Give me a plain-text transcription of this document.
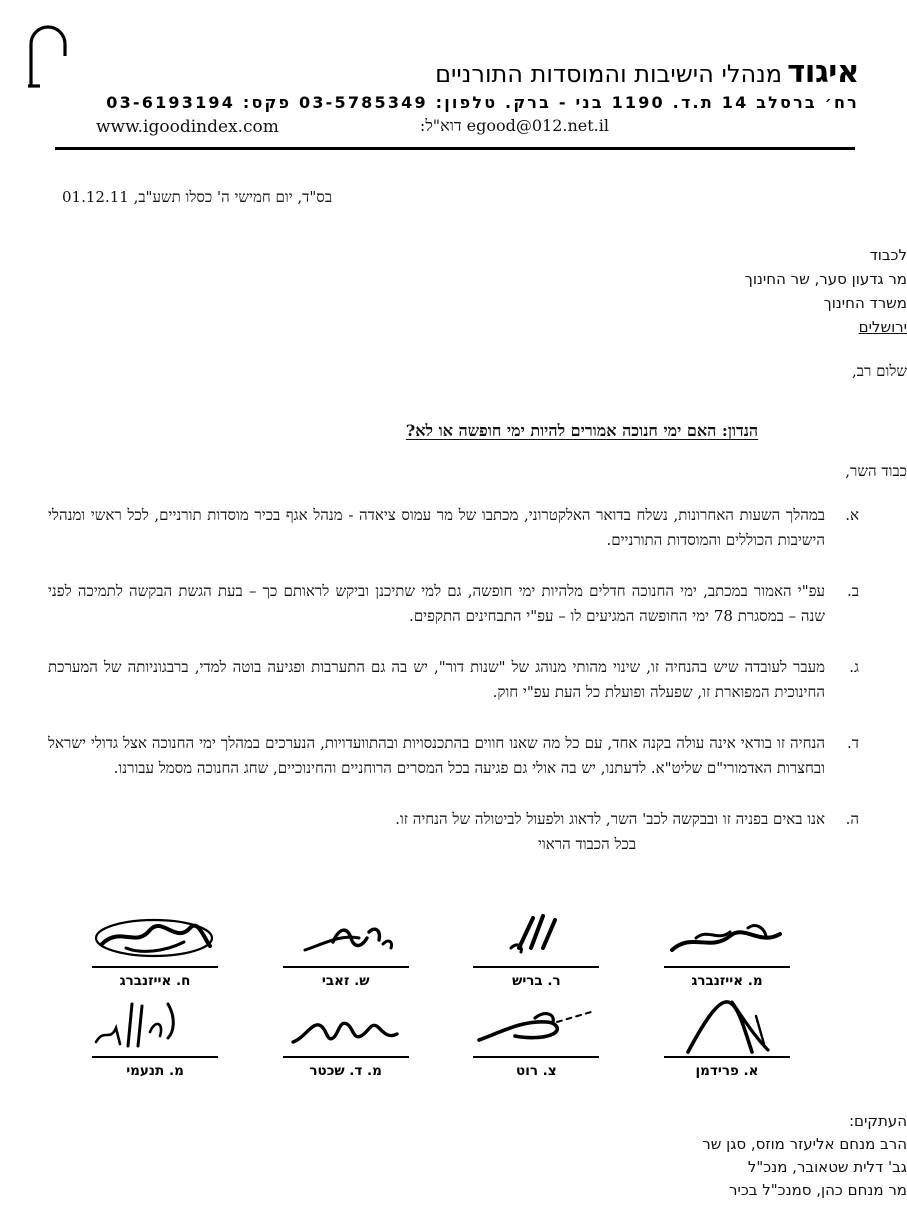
איגוד
מנהלי הישיבות והמוסדות התורניים
רח׳ ברסלב 14 ת.ד. 1190 בני - ברק. טלפון: 03-5785349 פקס: 03-6193194
egood@012.net.il דוא"ל:
www.igoodindex.com
בס"ד, יום חמישי ה' כסלו תשע"ב, 01.12.11
לכבוד
מר גדעון סער, שר החינוך
משרד החינוך
ירושלים
שלום רב,
הנדון: האם ימי חנוכה אמורים להיות ימי חופשה או לא?
כבוד השר,
א.
במהלך השעות האחרונות, נשלח בדואר האלקטרוני, מכתבו של מר עמוס ציאדה - מנהל אגף בכיר מוסדות תורניים, לכל ראשי ומנהלי הישיבות הכוללים והמוסדות התורניים.
ב.
עפ"י האמור במכתב, ימי החנוכה חדלים מלהיות ימי חופשה, גם למי שתיכנן וביקש לראותם כך – בעת הגשת הבקשה לתמיכה לפני שנה – במסגרת 78 ימי החופשה המגיעים לו – עפ"י התבחינים התקפים.
ג.
מעבר לעובדה שיש בהנחיה זו, שינוי מהותי מנוהג של "שנות דור", יש בה גם התערבות ופגיעה בוטה למדי, ברבגוניותה של המערכת החינוכית המפוארת זו, שפעלה ופועלת כל העת עפ"י חוק.
ד.
הנחיה זו בודאי אינה עולה בקנה אחד, עם כל מה שאנו חווים בהתכנסויות ובהתוועדויות, הנערכים במהלך ימי החנוכה אצל גדולי ישראל ובחצרות האדמורי"ם שליט"א. לדעתנו, יש בה אולי גם פגיעה בכל המסרים הרוחניים והחינוכיים, שחג החנוכה מסמל עבורנו.
ה.
אנו באים בפניה זו ובבקשה לכב' השר, לדאוג ולפעול לביטולה של הנחיה זו.
בכל הכבוד הראוי
ח. אייזנברג	ש. זאבי	ר. בריש	מ. אייזנברג
מ. תנעמי	מ. ד. שכטר	צ. רוט	א. פרידמן
העתקים:
הרב מנחם אליעזר מוזס, סגן שר
גב' דלית שטאובר, מנכ"ל
מר מנחם כהן, סמנכ"ל בכיר
